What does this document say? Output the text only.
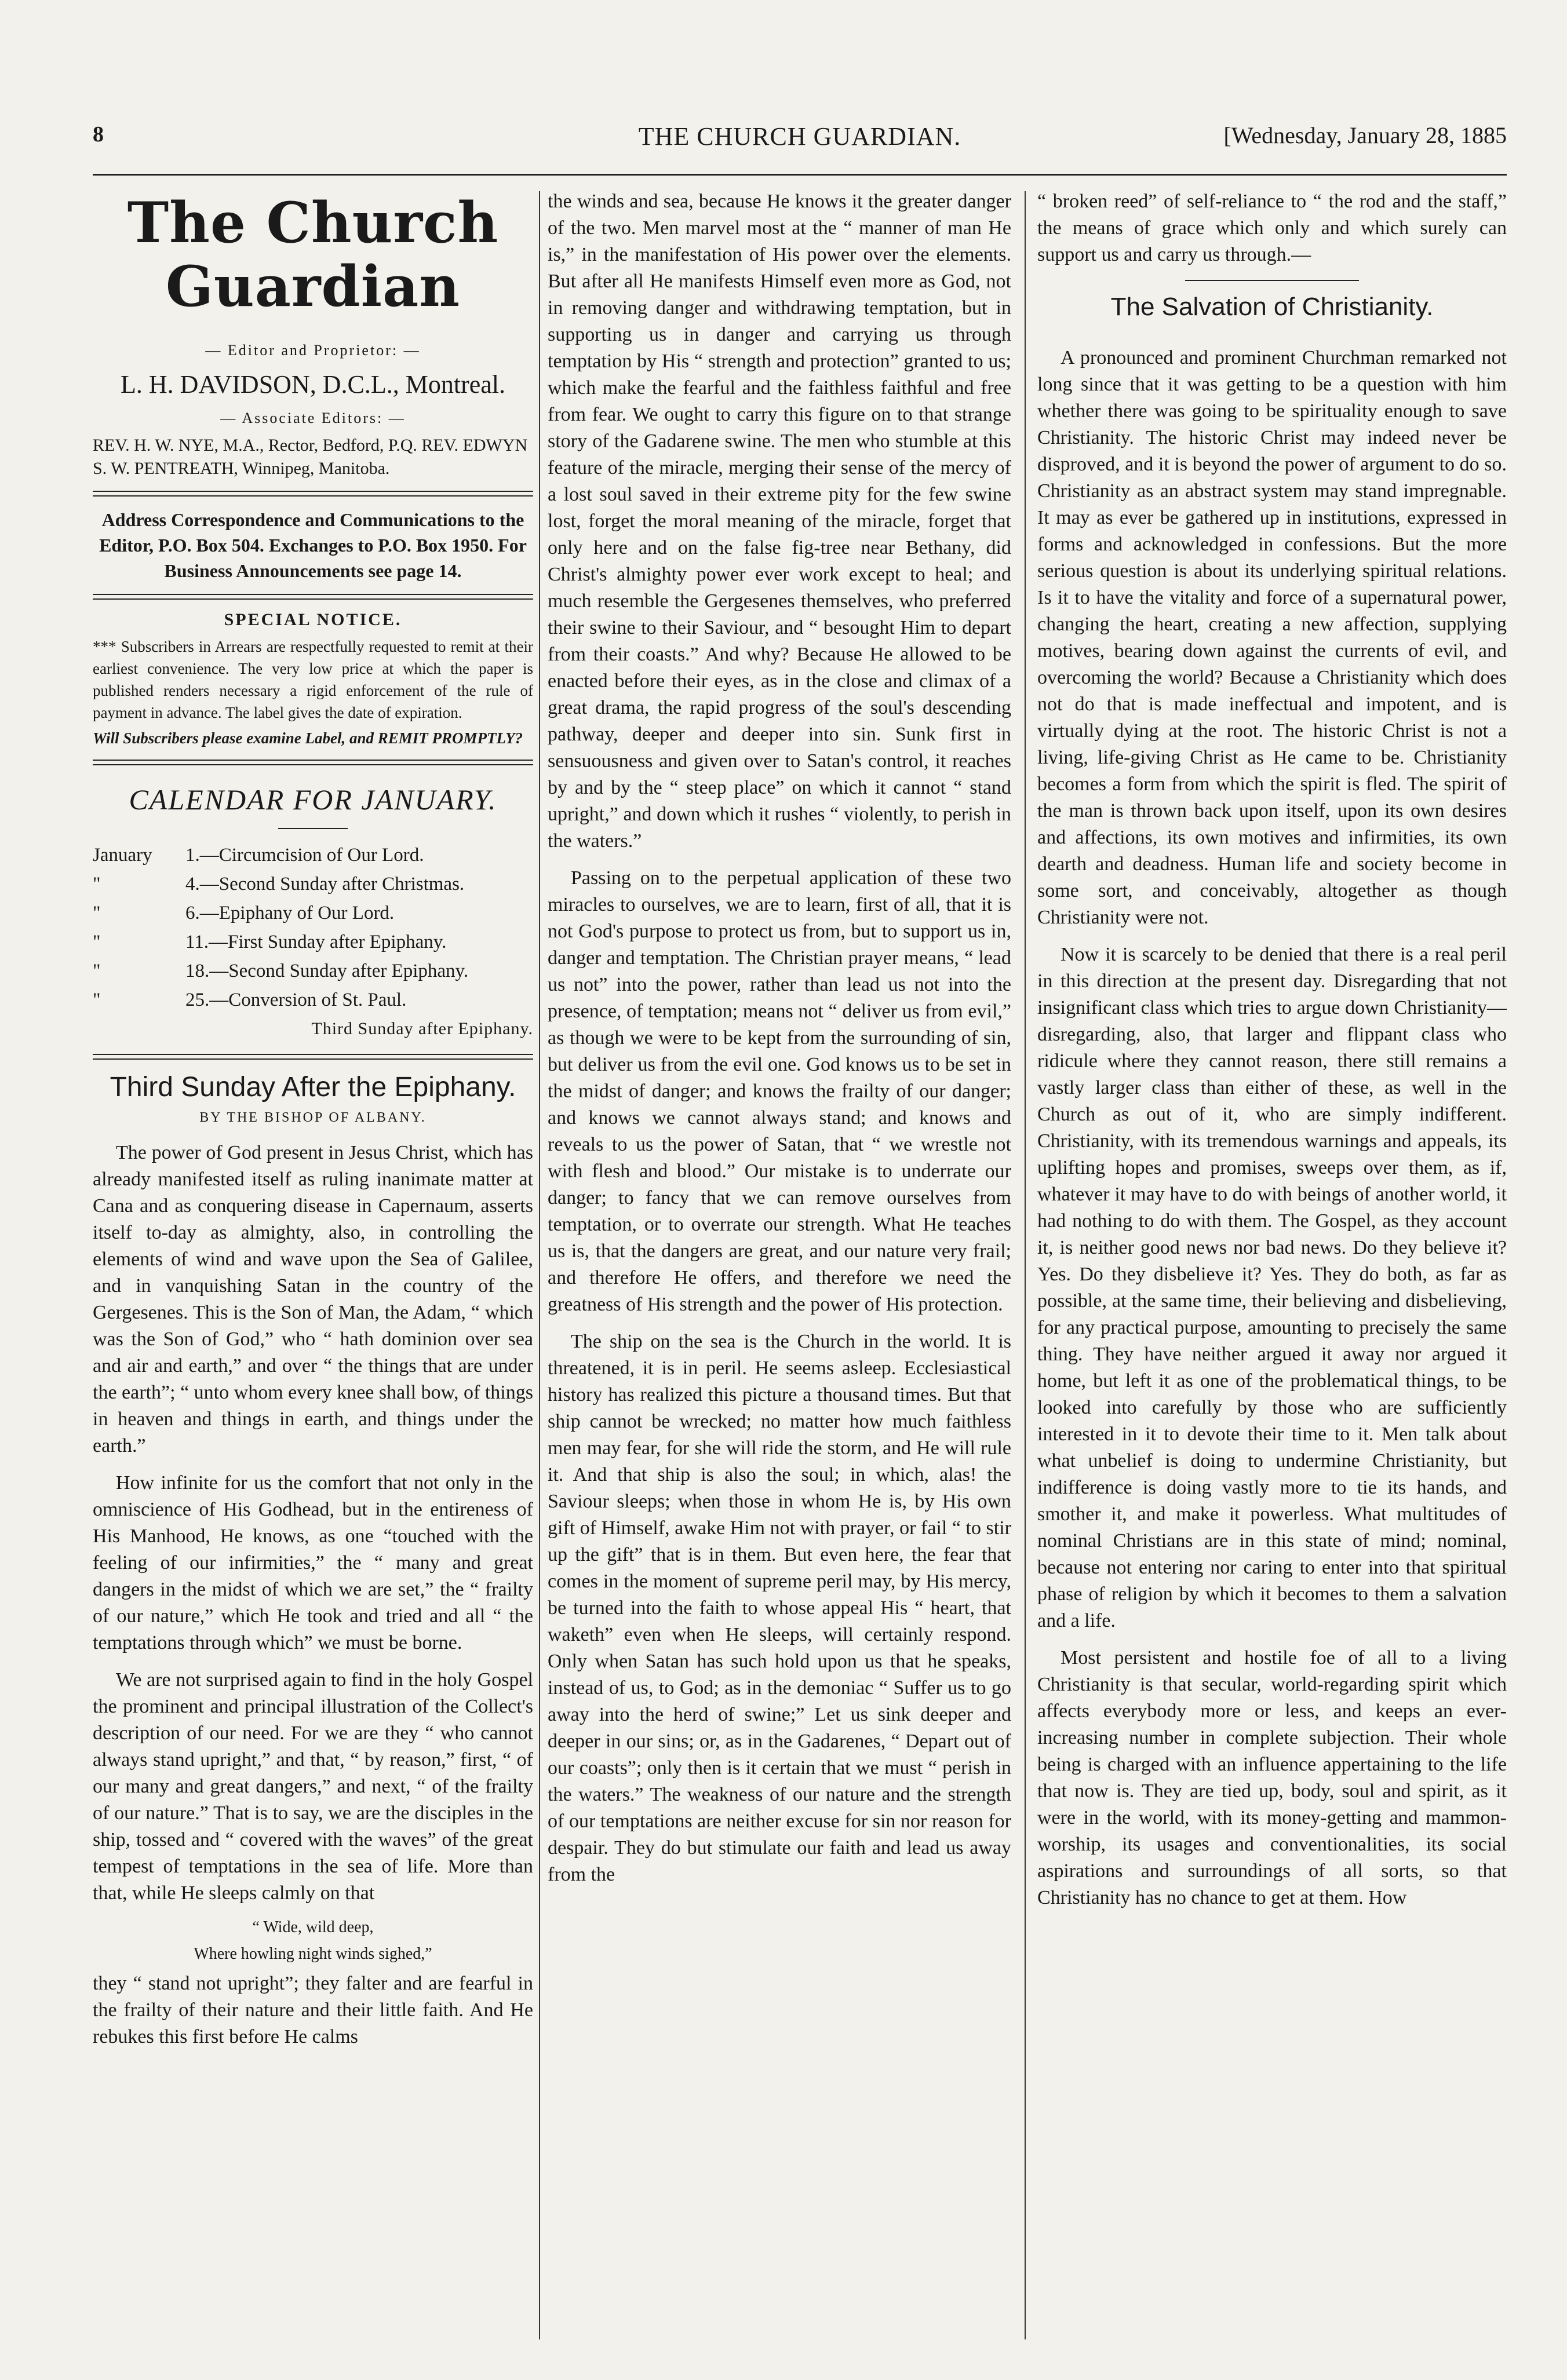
8	THE CHURCH GUARDIAN.	[Wednesday, January 28, 1885
The Church Guardian
— Editor and Proprietor: —
L. H. DAVIDSON, D.C.L., Montreal.
— Associate Editors: —
REV. H. W. NYE, M.A., Rector, Bedford, P.Q. REV. EDWYN S. W. PENTREATH, Winnipeg, Manitoba.
Address Correspondence and Communications to the Editor, P.O. Box 504. Exchanges to P.O. Box 1950. For Business Announcements see page 14.
SPECIAL NOTICE.
*** Subscribers in Arrears are respectfully requested to remit at their earliest convenience. The very low price at which the paper is published renders necessary a rigid enforcement of the rule of payment in advance. The label gives the date of expiration.
Will Subscribers please examine Label, and REMIT PROMPTLY?
CALENDAR FOR JANUARY.
January	1.—Circumcision of Our Lord.
"	4.—Second Sunday after Christmas.
"	6.—Epiphany of Our Lord.
"	11.—First Sunday after Epiphany.
"	18.—Second Sunday after Epiphany.
"	25.—Conversion of St. Paul.
Third Sunday after Epiphany.
Third Sunday After the Epiphany.
BY THE BISHOP OF ALBANY.

The power of God present in Jesus Christ, which has already manifested itself as ruling inanimate matter at Cana and as conquering disease in Capernaum, asserts itself to-day as almighty, also, in controlling the elements of wind and wave upon the Sea of Galilee, and in vanquishing Satan in the country of the Gergesenes. This is the Son of Man, the Adam, “ which was the Son of God,” who “ hath dominion over sea and air and earth,” and over “ the things that are under the earth”; “ unto whom every knee shall bow, of things in heaven and things in earth, and things under the earth.”

How infinite for us the comfort that not only in the omniscience of His Godhead, but in the entireness of His Manhood, He knows, as one “touched with the feeling of our infirmities,” the “ many and great dangers in the midst of which we are set,” the “ frailty of our nature,” which He took and tried and all “ the temptations through which” we must be borne.

We are not surprised again to find in the holy Gospel the prominent and principal illustration of the Collect's description of our need. For we are they “ who cannot always stand upright,” and that, “ by reason,” first, “ of our many and great dangers,” and next, “ of the frailty of our nature.” That is to say, we are the disciples in the ship, tossed and “ covered with the waves” of the great tempest of temptations in the sea of life. More than that, while He sleeps calmly on that

“ Wide, wild deep,
Where howling night winds sighed,”

they “ stand not upright”; they falter and are fearful in the frailty of their nature and their little faith. And He rebukes this first before He calms

the winds and sea, because He knows it the greater danger of the two. Men marvel most at the “ manner of man He is,” in the manifestation of His power over the elements. But after all He manifests Himself even more as God, not in removing danger and withdrawing temptation, but in supporting us in danger and carrying us through temptation by His “ strength and protection” granted to us; which make the fearful and the faithless faithful and free from fear. We ought to carry this figure on to that strange story of the Gadarene swine. The men who stumble at this feature of the miracle, merging their sense of the mercy of a lost soul saved in their extreme pity for the few swine lost, forget the moral meaning of the miracle, forget that only here and on the false fig-tree near Bethany, did Christ's almighty power ever work except to heal; and much resemble the Gergesenes themselves, who preferred their swine to their Saviour, and “ besought Him to depart from their coasts.” And why? Because He allowed to be enacted before their eyes, as in the close and climax of a great drama, the rapid progress of the soul's descending pathway, deeper and deeper into sin. Sunk first in sensuousness and given over to Satan's control, it reaches by and by the “ steep place” on which it cannot “ stand upright,” and down which it rushes “ violently, to perish in the waters.”

Passing on to the perpetual application of these two miracles to ourselves, we are to learn, first of all, that it is not God's purpose to protect us from, but to support us in, danger and temptation. The Christian prayer means, “ lead us not” into the power, rather than lead us not into the presence, of temptation; means not “ deliver us from evil,” as though we were to be kept from the surrounding of sin, but deliver us from the evil one. God knows us to be set in the midst of danger; and knows the frailty of our danger; and knows we cannot always stand; and knows and reveals to us the power of Satan, that “ we wrestle not with flesh and blood.” Our mistake is to underrate our danger; to fancy that we can remove ourselves from temptation, or to overrate our strength. What He teaches us is, that the dangers are great, and our nature very frail; and therefore He offers, and therefore we need the greatness of His strength and the power of His protection.

The ship on the sea is the Church in the world. It is threatened, it is in peril. He seems asleep. Ecclesiastical history has realized this picture a thousand times. But that ship cannot be wrecked; no matter how much faithless men may fear, for she will ride the storm, and He will rule it. And that ship is also the soul; in which, alas! the Saviour sleeps; when those in whom He is, by His own gift of Himself, awake Him not with prayer, or fail “ to stir up the gift” that is in them. But even here, the fear that comes in the moment of supreme peril may, by His mercy, be turned into the faith to whose appeal His “ heart, that waketh” even when He sleeps, will certainly respond. Only when Satan has such hold upon us that he speaks, instead of us, to God; as in the demoniac “ Suffer us to go away into the herd of swine;” Let us sink deeper and deeper in our sins; or, as in the Gadarenes, “ Depart out of our coasts”; only then is it certain that we must “ perish in the waters.” The weakness of our nature and the strength of our temptations are neither excuse for sin nor reason for despair. They do but stimulate our faith and lead us away from the

“ broken reed” of self-reliance to “ the rod and the staff,” the means of grace which only and which surely can support us and carry us through.—

The Salvation of Christianity.

A pronounced and prominent Churchman remarked not long since that it was getting to be a question with him whether there was going to be spirituality enough to save Christianity. The historic Christ may indeed never be disproved, and it is beyond the power of argument to do so. Christianity as an abstract system may stand impregnable. It may as ever be gathered up in institutions, expressed in forms and acknowledged in confessions. But the more serious question is about its underlying spiritual relations. Is it to have the vitality and force of a supernatural power, changing the heart, creating a new affection, supplying motives, bearing down against the currents of evil, and overcoming the world? Because a Christianity which does not do that is made ineffectual and impotent, and is virtually dying at the root. The historic Christ is not a living, life-giving Christ as He came to be. Christianity becomes a form from which the spirit is fled. The spirit of the man is thrown back upon itself, upon its own desires and affections, its own motives and infirmities, its own dearth and deadness. Human life and society become in some sort, and conceivably, altogether as though Christianity were not.

Now it is scarcely to be denied that there is a real peril in this direction at the present day. Disregarding that not insignificant class which tries to argue down Christianity—disregarding, also, that larger and flippant class who ridicule where they cannot reason, there still remains a vastly larger class than either of these, as well in the Church as out of it, who are simply indifferent. Christianity, with its tremendous warnings and appeals, its uplifting hopes and promises, sweeps over them, as if, whatever it may have to do with beings of another world, it had nothing to do with them. The Gospel, as they account it, is neither good news nor bad news. Do they believe it? Yes. Do they disbelieve it? Yes. They do both, as far as possible, at the same time, their believing and disbelieving, for any practical purpose, amounting to precisely the same thing. They have neither argued it away nor argued it home, but left it as one of the problematical things, to be looked into carefully by those who are sufficiently interested in it to devote their time to it. Men talk about what unbelief is doing to undermine Christianity, but indifference is doing vastly more to tie its hands, and smother it, and make it powerless. What multitudes of nominal Christians are in this state of mind; nominal, because not entering nor caring to enter into that spiritual phase of religion by which it becomes to them a salvation and a life.

Most persistent and hostile foe of all to a living Christianity is that secular, world-regarding spirit which affects everybody more or less, and keeps an ever-increasing number in complete subjection. Their whole being is charged with an influence appertaining to the life that now is. They are tied up, body, soul and spirit, as it were in the world, with its money-getting and mammon-worship, its usages and conventionalities, its social aspirations and surroundings of all sorts, so that Christianity has no chance to get at them. How
